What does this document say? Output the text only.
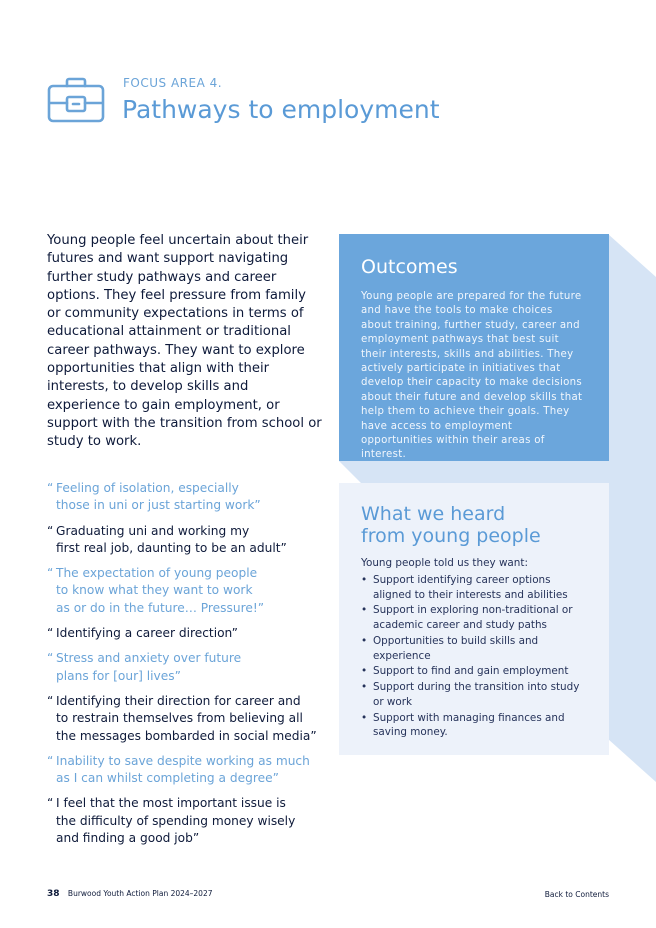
FOCUS AREA 4.
Pathways to employment

Young people feel uncertain about their futures and want support navigating further study pathways and career options. They feel pressure from family or community expectations in terms of educational attainment or traditional career pathways. They want to explore opportunities that align with their interests, to develop skills and experience to gain employment, or support with the transition from school or study to work.

Outcomes

Young people are prepared for the future and have the tools to make choices about training, further study, career and employment pathways that best suit their interests, skills and abilities. They actively participate in initiatives that develop their capacity to make decisions about their future and develop skills that help them to achieve their goals. They have access to employment opportunities within their areas of interest.

What we heard
from young people

Young people told us they want:

• Support identifying career options aligned to their interests and abilities
• Support in exploring non-traditional or academic career and study paths
• Opportunities to build skills and experience
• Support to find and gain employment
• Support during the transition into study or work
• Support with managing finances and saving money.
“ Feeling of isolation, especially
those in uni or just starting work”
“ Graduating uni and working my
first real job, daunting to be an adult”
“ The expectation of young people
to know what they want to work
as or do in the future… Pressure!”
“ Identifying a career direction”
“ Stress and anxiety over future
plans for [our] lives”
“ Identifying their direction for career and
to restrain themselves from believing all
the messages bombarded in social media”
“ Inability to save despite working as much
as I can whilst completing a degree”
“ I feel that the most important issue is
the difficulty of spending money wisely
and finding a good job”
38 Burwood Youth Action Plan 2024–2027	Back to Contents
